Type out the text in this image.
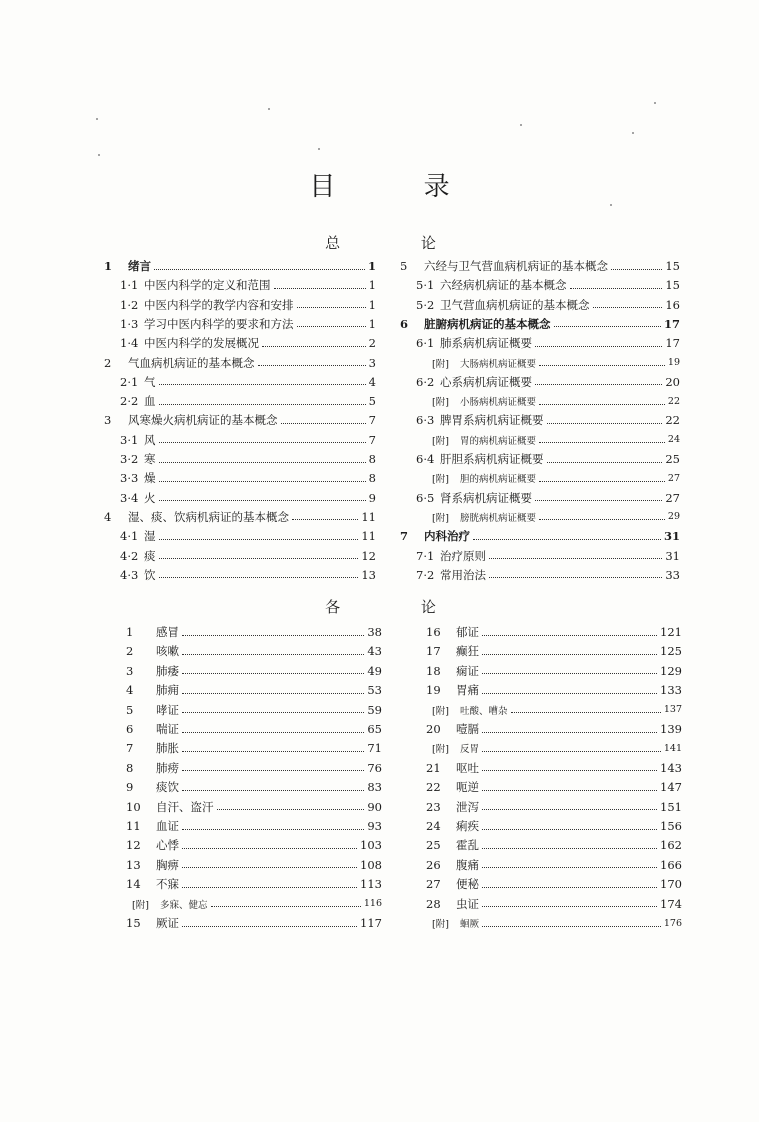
目 录
总 论
各 论
1	绪言	1
1·1 中医内科学的定义和范围	1
1·2 中医内科学的教学内容和安排	1
1·3 学习中医内科学的要求和方法	1
1·4 中医内科学的发展概况	2
2	气血病机病证的基本概念	3
2·1 气	4
2·2 血	5
3	风寒燥火病机病证的基本概念	7
3·1 风	7
3·2 寒	8
3·3 燥	8
3·4 火	9
4	湿、痰、饮病机病证的基本概念	11
4·1 湿	11
4·2 痰	12
4·3 饮	13
5	六经与卫气营血病机病证的基本概念	15
5·1 六经病机病证的基本概念	15
5·2 卫气营血病机病证的基本概念	16
6	脏腑病机病证的基本概念	17
6·1 肺系病机病证概要	17
[附]	大肠病机病证概要	19
6·2 心系病机病证概要	20
[附]	小肠病机病证概要	22
6·3 脾胃系病机病证概要	22
[附]	胃的病机病证概要	24
6·4 肝胆系病机病证概要	25
[附]	胆的病机病证概要	27
6·5 肾系病机病证概要	27
[附]	膀胱病机病证概要	29
7	内科治疗	31
7·1 治疗原则	31
7·2 常用治法	33
1	感冒	38
2	咳嗽	43
3	肺痿	49
4	肺痈	53
5	哮证	59
6	喘证	65
7	肺胀	71
8	肺痨	76
9	痰饮	83
10	自汗、盗汗	90
11	血证	93
12	心悸	103
13	胸痹	108
14	不寐	113
[附]	多寐、健忘	116
15	厥证	117
16	郁证	121
17	癫狂	125
18	痫证	129
19	胃痛	133
[附]	吐酸、嘈杂	137
20	噎膈	139
[附]	反胃	141
21	呕吐	143
22	呃逆	147
23	泄泻	151
24	痢疾	156
25	霍乱	162
26	腹痛	166
27	便秘	170
28	虫证	174
[附]	蛔厥	176
